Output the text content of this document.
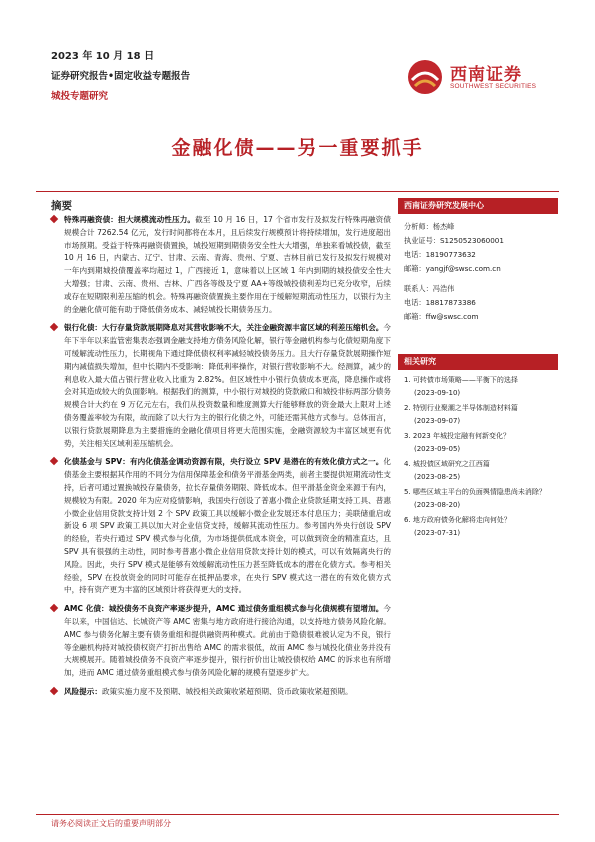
2023 年 10 月 18 日
证券研究报告•固定收益专题报告
城投专题研究
西南证券
SOUTHWEST SECURITIES
金融化债——另一重要抓手
摘要

特殊再融资债：担大规模流动性压力。截至 10 月 16 日，17 个省市发行及拟发行特殊再融资债规模合计 7262.54 亿元，发行时间都将在本月，且后续发行规模预计将持续增加，发行进度超出市场预期。受益于特殊再融资债置换，城投短期到期债务安全性大大增强，单独来看城投债，截至 10 月 16 日，内蒙古、辽宁、甘肃、云南、青海、贵州、宁夏、吉林目前已发行及拟发行规模对一年内到期城投债覆盖率均超过 1，广西接近 1，意味着以上区域 1 年内到期的城投债安全性大大增强；甘肃、云南、贵州、吉林、广西各等级及宁夏 AA+等级城投债利差均已充分收窄，后续或存在短期限利差压缩的机会。特殊再融资债置换主要作用在于缓解短期流动性压力，以银行为主的金融化债可能有助于降低债务成本、减轻城投长期债务压力。

银行化债：大行存量贷款展期降息对其营收影响不大，关注金融资源丰富区域的利差压缩机会。今年下半年以来监管密集表态强调金融支持地方债务风险化解，银行等金融机构参与化债短期角度下可缓解流动性压力，长期视角下通过降低债权利率减轻城投债务压力。且大行存量贷款展期操作短期内减值损失增加，但中长期内不受影响：降低利率操作，对银行营收影响不大。经测算，减少的利息收入最大值占银行营业收入比重为 2.82%。但区域性中小银行负债成本更高，降息操作或将会对其造成较大的负面影响。根据我们的测算，中小银行对城投的贷款敞口和城投非标两部分债务规模合计大约在 9 万亿元左右，我们从投资数量和维度测算大行能够释放的资金最大上限对上述债务覆盖率较为有限，故而除了以大行为主的银行化债之外，可能还需其他方式参与。总体而言，以银行贷款展期降息为主要措施的金融化债项目将更大范围实施，金融资源较为丰富区域更有优势，关注相关区域利差压缩机会。

化债基金与 SPV：有内化债基金调动资源有限，央行设立 SPV 是潜在的有效化债方式之一。化债基金主要根据其作用的不同分为信用保障基金和债务平滑基金两类，前者主要提供短期流动性支持，后者可通过置换城投存量债务，拉长存量债务期限、降低成本。但平滑基金资金来源于有内，规模较为有限。2020 年为应对疫情影响，我国央行创设了普惠小微企业贷款延期支持工具、普惠小微企业信用贷款支持计划 2 个 SPV 政策工具以缓解小微企业发展还本付息压力；美联储重启或新设 6 项 SPV 政策工具以加大对企业信贷支持，缓解其流动性压力。参考国内外央行创设 SPV 的经验，若央行通过 SPV 模式参与化债，为市场提供低成本资金，可以做到资金的精准直达，且 SPV 具有很强的主动性，同时参考普惠小微企业信用贷款支持计划的模式，可以有效隔离央行的风险。因此，央行 SPV 模式是能够有效缓解流动性压力甚至降低成本的潜在化债方式。参考相关经验，SPV 在投放资金的同时可能存在抵押品要求，在央行 SPV 模式这一潜在的有效化债方式中，持有资产更为丰富的区域预计将获得更大的支持。

AMC 化债：城投债务不良资产率逐步提升，AMC 通过债务重组模式参与化债规模有望增加。今年以来，中国信达、长城资产等 AMC 密集与地方政府进行接洽沟通，以支持地方债务风险化解。AMC 参与债务化解主要有债务重组和提供融资两种模式。此前由于隐债很难被认定为不良，银行等金融机构持对城投债权资产打折出售给 AMC 的需求很低，故而 AMC 参与城投化债业务并没有大规模展开。随着城投债务不良资产率逐步提升，银行折价出让城投债权给 AMC 的诉求也有所增加，进而 AMC 通过债务重组模式参与债务风险化解的规模有望逐步扩大。

风险提示：政策实施力度不及预期、城投相关政策收紧超预期、货币政策收紧超预期。

西南证券研究发展中心
分析师：杨杰峰
执业证号：S1250523060001
电话：18190773632
邮箱：yangjf@swsc.com.cn
联系人：冯浩伟
电话：18817873386
邮箱：ffw@swsc.com
相关研究
1. 可转债市场策略——平衡下的选择
(2023-09-10)
2. 特别行业聚潮之半导体制造材料篇
(2023-09-07)
3. 2023 年城投定融有何新变化？
(2023-09-05)
4. 城投债区域研究之江西篇
(2023-08-25)
5. 哪些区域主平台的负面舆情隐患尚未消除？
(2023-08-20)
6. 地方政府债务化解将走向何处？
(2023-07-31)
请务必阅读正文后的重要声明部分
